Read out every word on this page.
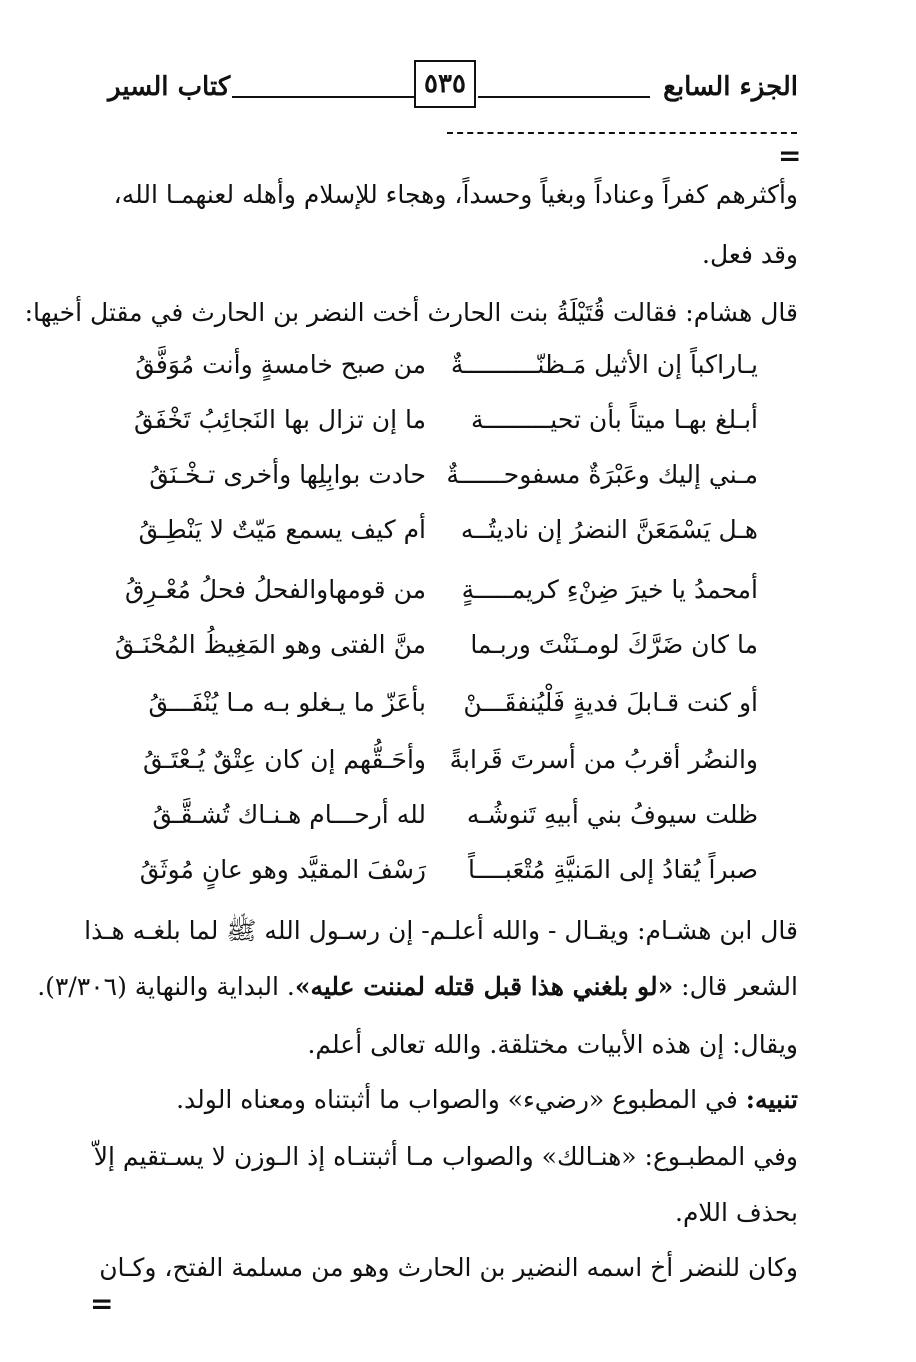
الجزء السابع
٥٣٥
كتاب السير
=
وأكثرهم كفراً وعناداً وبغياً وحسداً، وهجاء للإسلام وأهله لعنهمـا الله،
وقد فعل.
قال هشام: فقالت قُتَيْلَةُ بنت الحارث أخت النضر بن الحارث في مقتل أخيها:
يـاراكباً إن الأثيل مَـظنّــــــــــةٌ
من صبح خامسةٍ وأنت مُوَفَّقُ
أبـلغ بهـا ميتاً بأن تحيـــــــــة
ما إن تزال بها النَجائِبُ تَخْفَقُ
مـني إليك وعَبْرَةٌ مسفوحــــــةٌ
حادت بوابِلِها وأخرى تـخْـنَقُ
هـل يَسْمَعَنَّ النضرُ إن ناديتُــه
أم كيف يسمع مَيّتٌ لا يَنْطِـقُ
أمحمدُ يا خيرَ ضِنْءِ كريمـــــةٍ
من قومهاوالفحلُ فحلُ مُعْـرِقُ
ما كان ضَرَّكَ لومـنَنْتَ وربـما
منَّ الفتى وهو المَغِيظُ المُحْنَـقُ
أو كنت قـابلَ فديةٍ فَلْيُنفقَـــنْ
بأعَزّ ما يـغلو بـه مـا يُنْفَـــقُ
والنضُر أقربُ من أسرتَ قَرابةً
وأحَـقُّهم إن كان عِتْقٌ يُـعْتَـقُ
ظلت سيوفُ بني أبيهِ تَنوشُـه
لله أرحـــام هـنـاك تُشـقَّـقُ
صبراً يُقادُ إلى المَنيَّةِ مُتْعَبــــاً
رَسْفَ المقيَّد وهو عانٍ مُوثَقُ
قال ابن هشـام: ويقـال - والله أعلـم- إن رسـول الله ﷺ لما بلغـه هـذا
الشعر قال: «لو بلغني هذا قبل قتله لمننت عليه». البداية والنهاية (٣/٣٠٦).
ويقال: إن هذه الأبيات مختلقة. والله تعالى أعلم.
تنبيه: في المطبوع «رضيء» والصواب ما أثبتناه ومعناه الولد.
وفي المطبـوع: «هنـالك» والصواب مـا أثبتنـاه إذ الـوزن لا يسـتقيم إلاّ
بحذف اللام.
وكان للنضر أخ اسمه النضير بن الحارث وهو من مسلمة الفتح، وكـان
=
